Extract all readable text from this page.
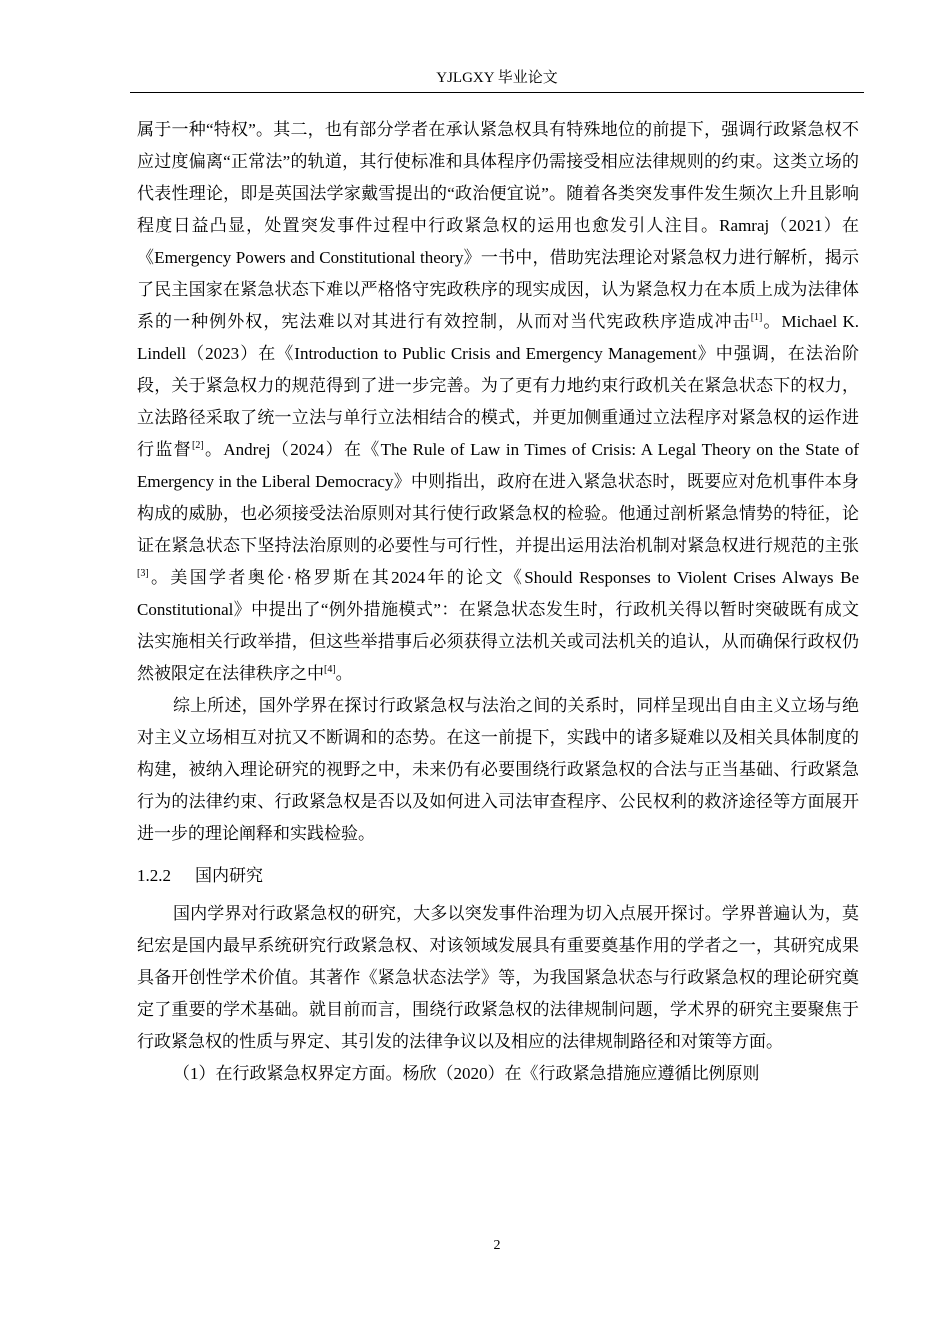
YJLGXY 毕业论文

属于一种“特权”。其二，也有部分学者在承认紧急权具有特殊地位的前提下，强调行政紧急权不应过度偏离“正常法”的轨道，其行使标准和具体程序仍需接受相应法律规则的约束。这类立场的代表性理论，即是英国法学家戴雪提出的“政治便宜说”。随着各类突发事件发生频次上升且影响程度日益凸显，处置突发事件过程中行政紧急权的运用也愈发引人注目。Ramraj（2021）在《Emergency Powers and Constitutional theory》一书中，借助宪法理论对紧急权力进行解析，揭示了民主国家在紧急状态下难以严格恪守宪政秩序的现实成因，认为紧急权力在本质上成为法律体系的一种例外权，宪法难以对其进行有效控制，从而对当代宪政秩序造成冲击[1]。Michael K. Lindell（2023）在《Introduction to Public Crisis and Emergency Management》中强调，在法治阶段，关于紧急权力的规范得到了进一步完善。为了更有力地约束行政机关在紧急状态下的权力，立法路径采取了统一立法与单行立法相结合的模式，并更加侧重通过立法程序对紧急权的运作进行监督[2]。Andrej（2024）在《The Rule of Law in Times of Crisis: A Legal Theory on the State of Emergency in the Liberal Democracy》中则指出，政府在进入紧急状态时，既要应对危机事件本身构成的威胁，也必须接受法治原则对其行使行政紧急权的检验。他通过剖析紧急情势的特征，论证在紧急状态下坚持法治原则的必要性与可行性，并提出运用法治机制对紧急权进行规范的主张[3]。美国学者奥伦·格罗斯在其2024年的论文《Should Responses to Violent Crises Always Be Constitutional》中提出了“例外措施模式”：在紧急状态发生时，行政机关得以暂时突破既有成文法实施相关行政举措，但这些举措事后必须获得立法机关或司法机关的追认，从而确保行政权仍然被限定在法律秩序之中[4]。

综上所述，国外学界在探讨行政紧急权与法治之间的关系时，同样呈现出自由主义立场与绝对主义立场相互对抗又不断调和的态势。在这一前提下，实践中的诸多疑难以及相关具体制度的构建，被纳入理论研究的视野之中，未来仍有必要围绕行政紧急权的合法与正当基础、行政紧急行为的法律约束、行政紧急权是否以及如何进入司法审查程序、公民权利的救济途径等方面展开进一步的理论阐释和实践检验。

1.2.2 国内研究

国内学界对行政紧急权的研究，大多以突发事件治理为切入点展开探讨。学界普遍认为，莫纪宏是国内最早系统研究行政紧急权、对该领域发展具有重要奠基作用的学者之一，其研究成果具备开创性学术价值。其著作《紧急状态法学》等，为我国紧急状态与行政紧急权的理论研究奠定了重要的学术基础。就目前而言，围绕行政紧急权的法律规制问题，学术界的研究主要聚焦于行政紧急权的性质与界定、其引发的法律争议以及相应的法律规制路径和对策等方面。

（1）在行政紧急权界定方面。杨欣（2020）在《行政紧急措施应遵循比例原则

2
